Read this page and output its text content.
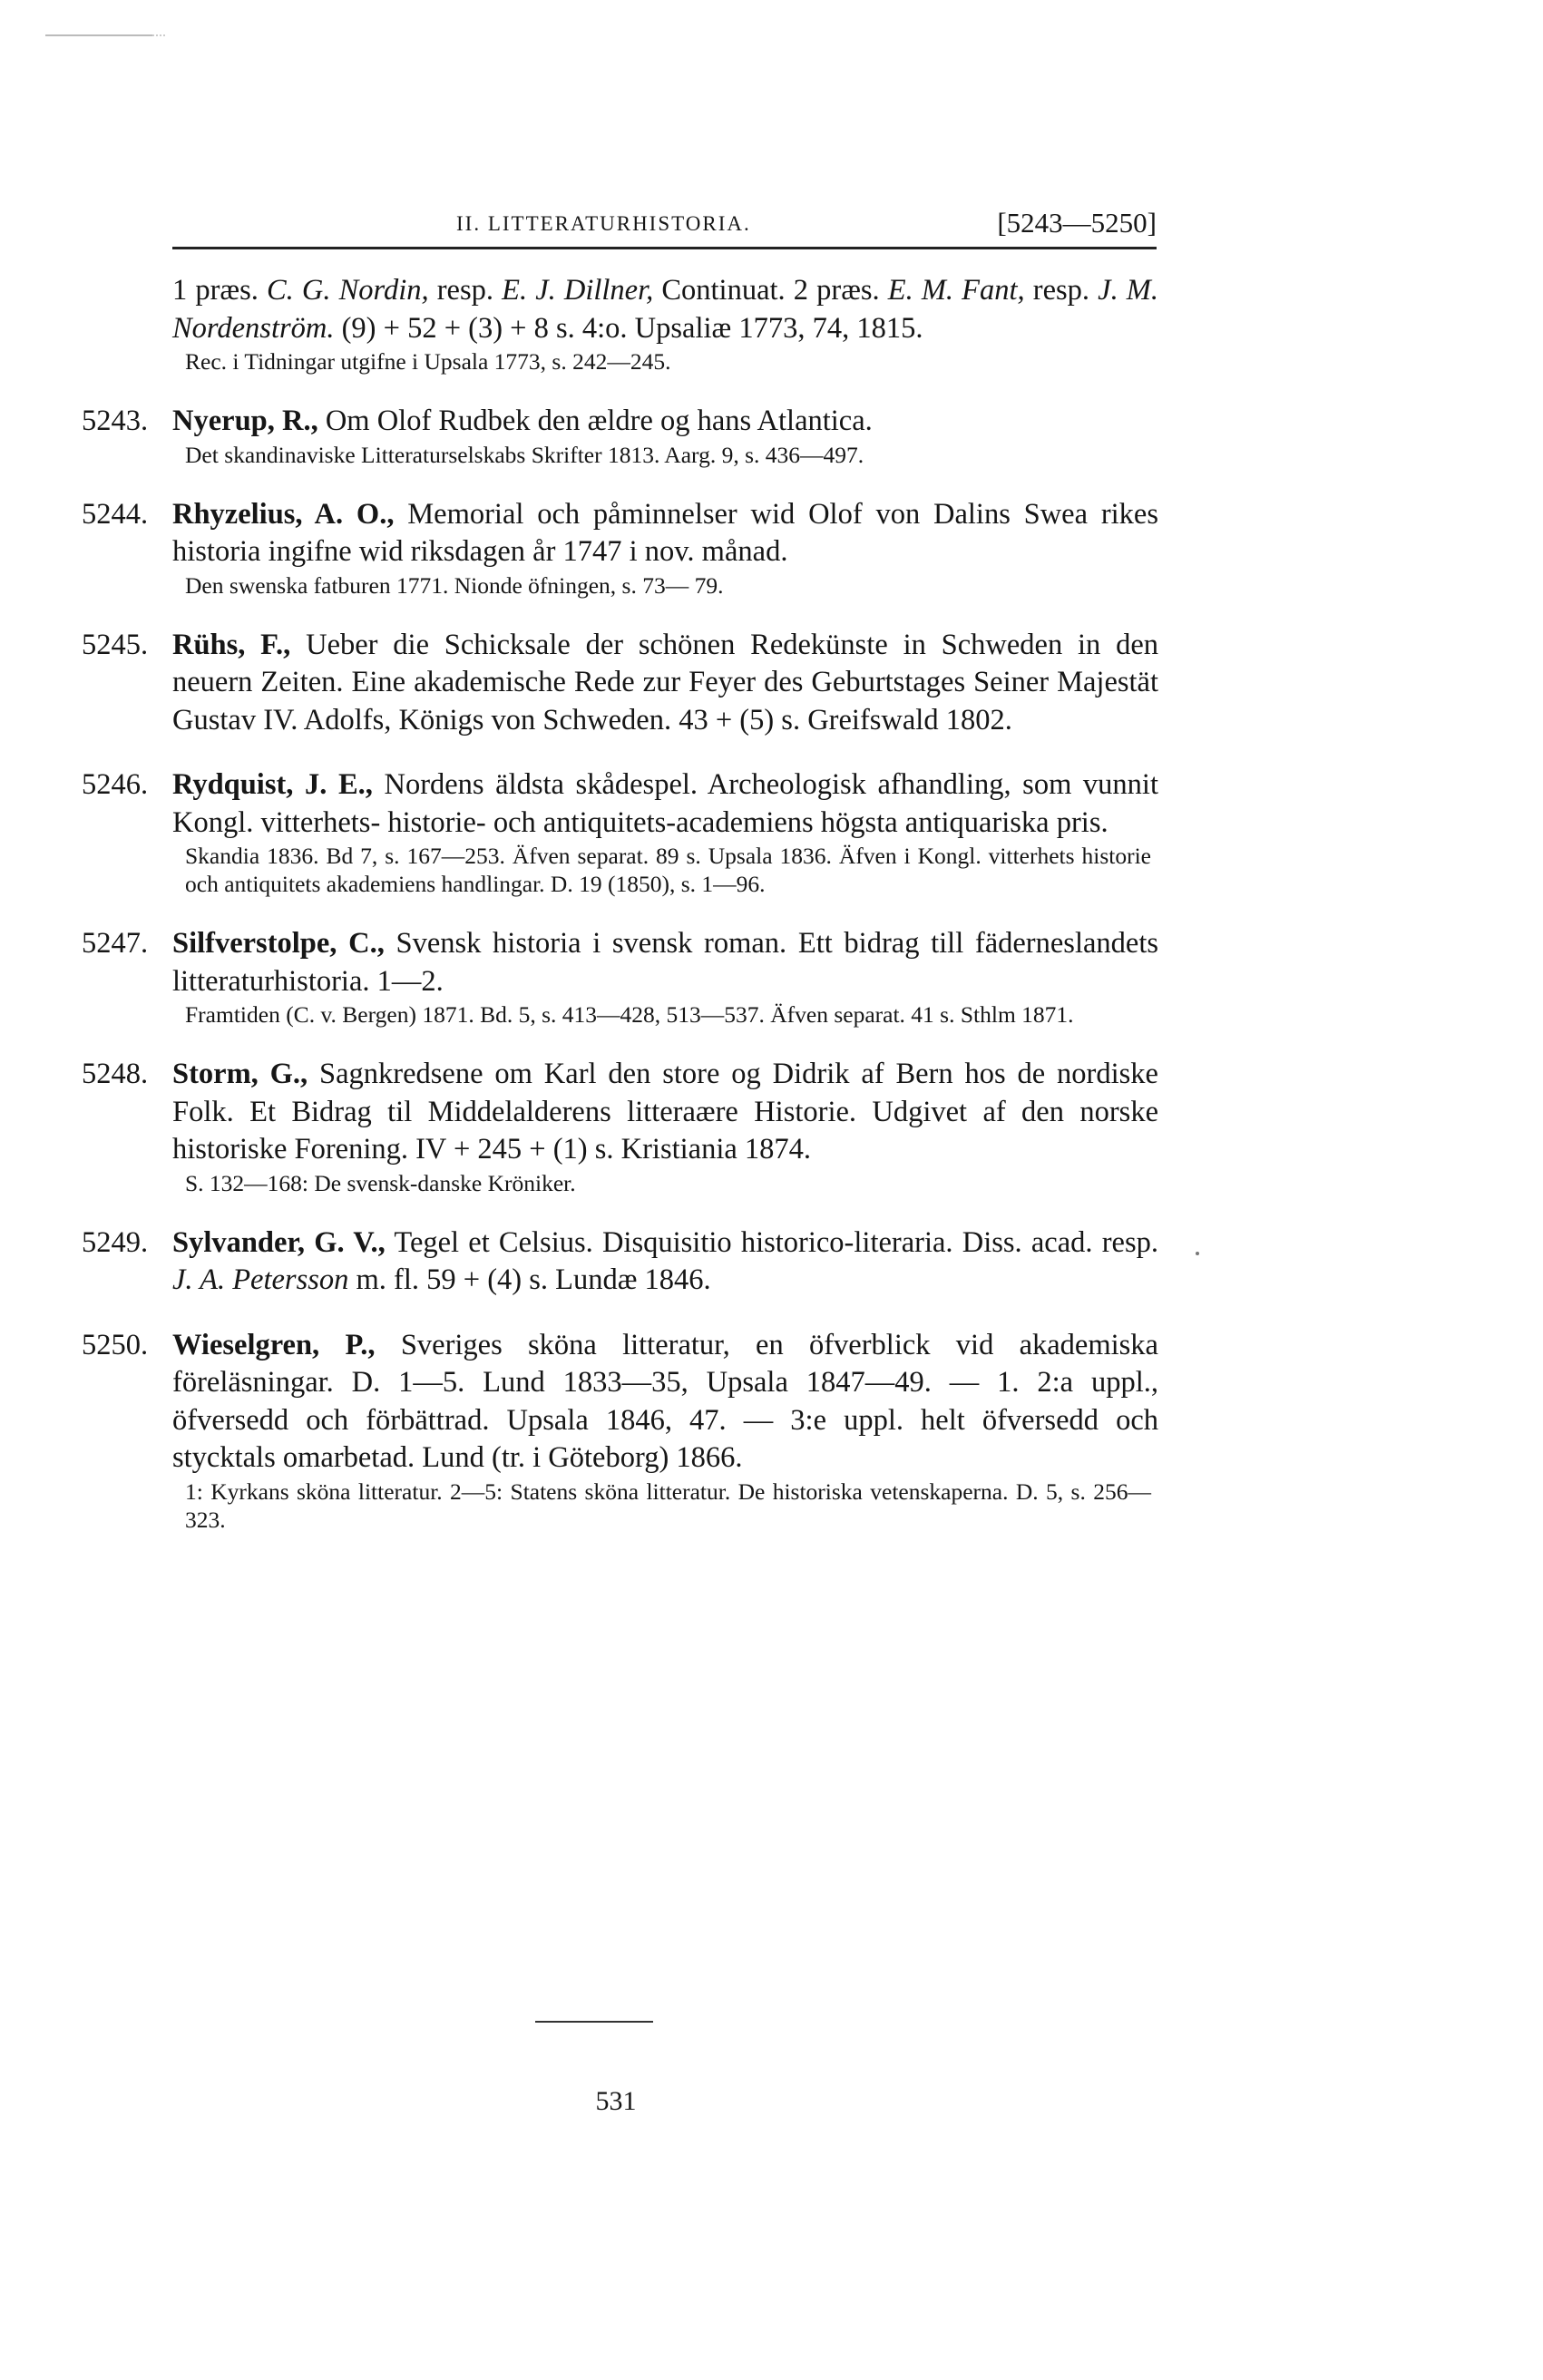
II. LITTERATURHISTORIA.	[5243—5250]

1 præs. C. G. Nordin, resp. E. J. Dillner, Continuat. 2 præs. E. M. Fant, resp. J. M. Nordenström. (9) + 52 + (3) + 8 s. 4:o. Upsaliæ 1773, 74, 1815.

Rec. i Tidningar utgifne i Upsala 1773, s. 242—245.

5243. Nyerup, R., Om Olof Rudbek den ældre og hans Atlantica.

Det skandinaviske Litteraturselskabs Skrifter 1813. Aarg. 9, s. 436—497.

5244. Rhyzelius, A. O., Memorial och påminnelser wid Olof von Dalins Swea rikes historia ingifne wid riksdagen år 1747 i nov. månad.

Den swenska fatburen 1771. Nionde öfningen, s. 73— 79.

5245. Rühs, F., Ueber die Schicksale der schönen Redekünste in Schweden in den neuern Zeiten. Eine akademische Rede zur Feyer des Geburtstages Seiner Majestät Gustav IV. Adolfs, Königs von Schweden. 43 + (5) s. Greifswald 1802.

5246. Rydquist, J. E., Nordens äldsta skådespel. Archeologisk afhandling, som vunnit Kongl. vitterhets- historie- och antiquitets-academiens högsta antiquariska pris.

Skandia 1836. Bd 7, s. 167—253. Äfven separat. 89 s. Upsala 1836. Äfven i Kongl. vitterhets historie och antiquitets akademiens handlingar. D. 19 (1850), s. 1—96.

5247. Silfverstolpe, C., Svensk historia i svensk roman. Ett bidrag till fäderneslandets litteraturhistoria. 1—2.

Framtiden (C. v. Bergen) 1871. Bd. 5, s. 413—428, 513—537. Äfven separat. 41 s. Sthlm 1871.

5248. Storm, G., Sagnkredsene om Karl den store og Didrik af Bern hos de nordiske Folk. Et Bidrag til Middelalderens litteraære Historie. Udgivet af den norske historiske Forening. IV + 245 + (1) s. Kristiania 1874.

S. 132—168: De svensk-danske Kröniker.

5249. Sylvander, G. V., Tegel et Celsius. Disquisitio historico-literaria. Diss. acad. resp. J. A. Petersson m. fl. 59 + (4) s. Lundæ 1846.

5250. Wieselgren, P., Sveriges sköna litteratur, en öfverblick vid akademiska föreläsningar. D. 1—5. Lund 1833—35, Upsala 1847—49. — 1. 2:a uppl., öfversedd och förbättrad. Upsala 1846, 47. — 3:e uppl. helt öfversedd och stycktals omarbetad. Lund (tr. i Göteborg) 1866.

1: Kyrkans sköna litteratur. 2—5: Statens sköna litteratur. De historiska vetenskaperna. D. 5, s. 256—323.

531
